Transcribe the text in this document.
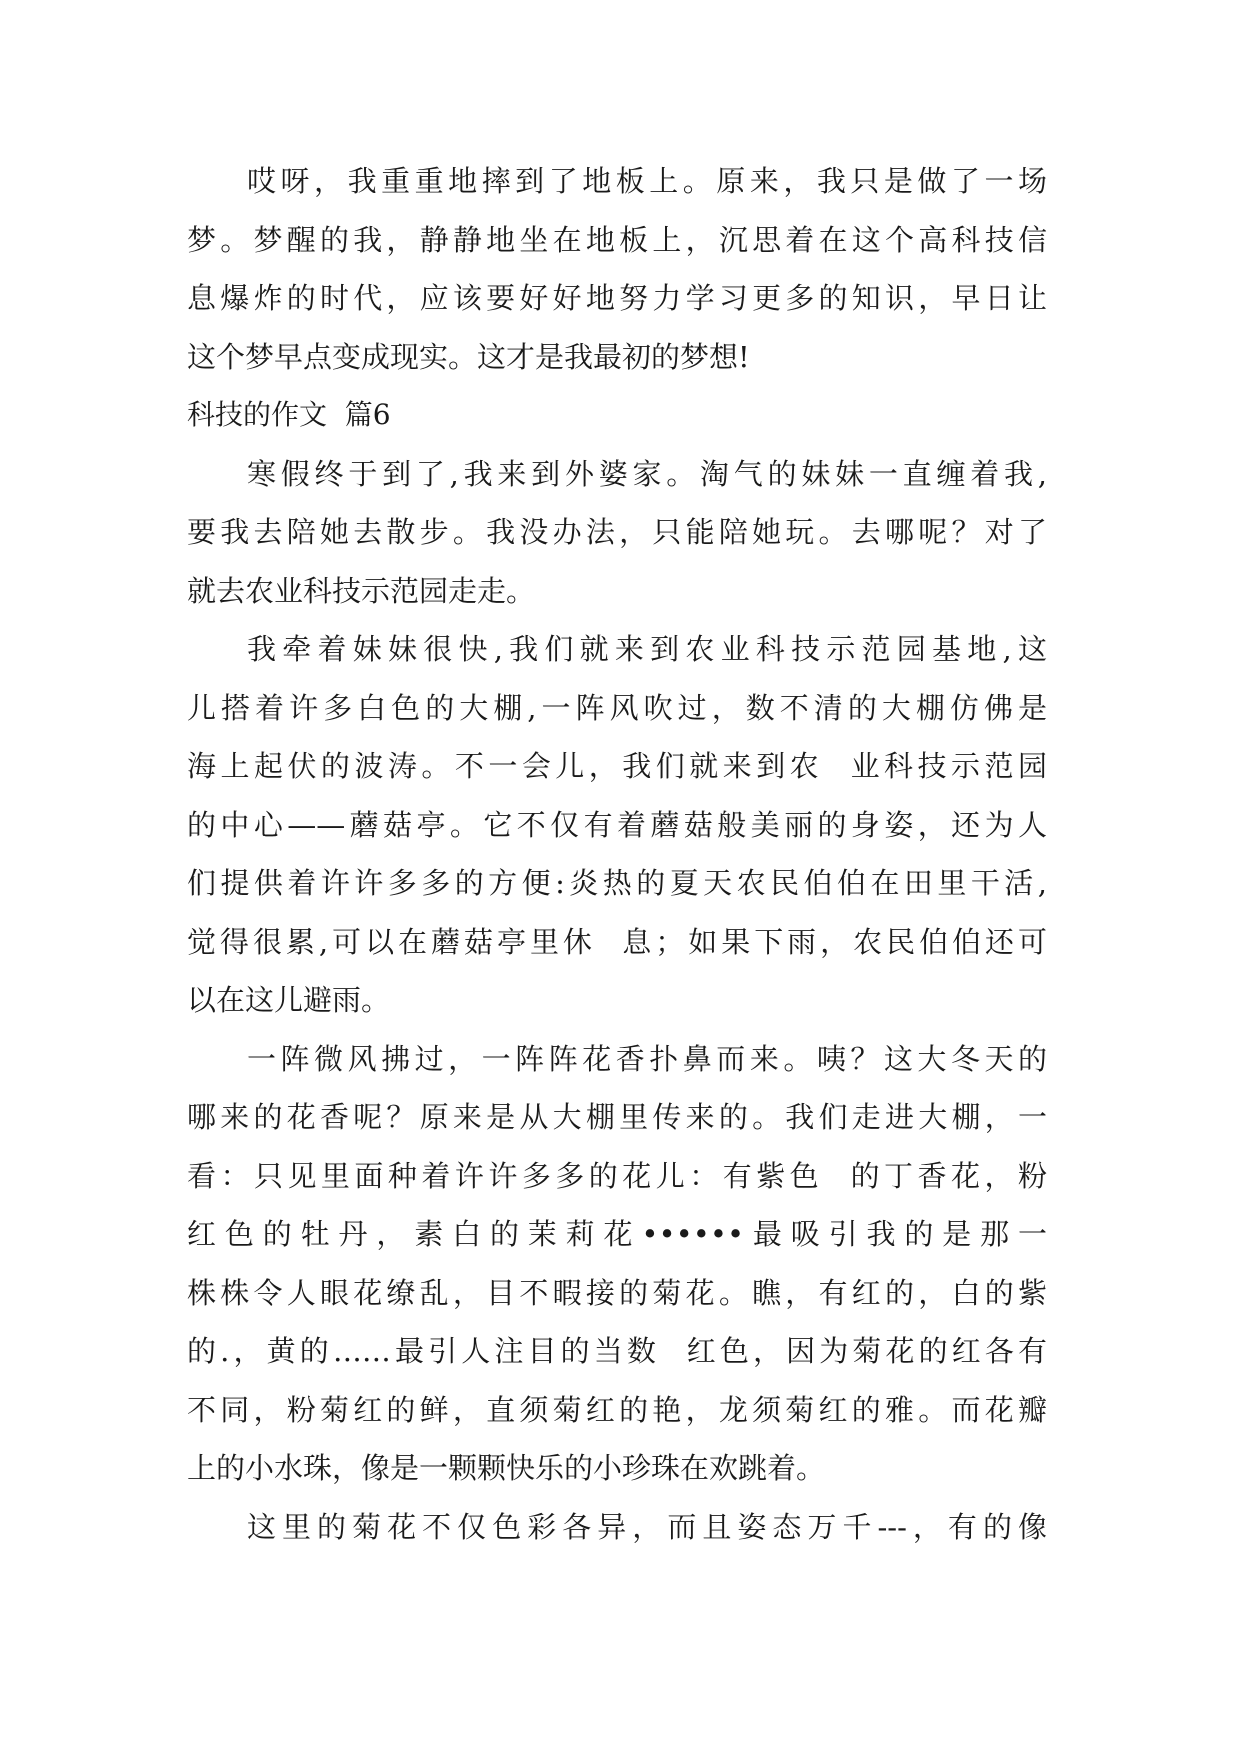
哎呀，我重重地摔到了地板上。原来，我只是做了一场
梦。梦醒的我，静静地坐在地板上，沉思着在这个高科技信
息爆炸的时代，应该要好好地努力学习更多的知识，早日让
这个梦早点变成现实。这才是我最初的梦想!
科技的作文  篇6
寒假终于到了,我来到外婆家。淘气的妹妹一直缠着我,
要我去陪她去散步。我没办法，只能陪她玩。去哪呢？对了
就去农业科技示范园走走。
我牵着妹妹很快,我们就来到农业科技示范园基地,这
儿搭着许多白色的大棚,一阵风吹过，数不清的大棚仿佛是
海上起伏的波涛。不一会儿，我们就来到农  业科技示范园
的中心——蘑菇亭。它不仅有着蘑菇般美丽的身姿，还为人
们提供着许许多多的方便:炎热的夏天农民伯伯在田里干活,
觉得很累,可以在蘑菇亭里休  息；如果下雨，农民伯伯还可
以在这儿避雨。
一阵微风拂过，一阵阵花香扑鼻而来。咦？这大冬天的
哪来的花香呢？原来是从大棚里传来的。我们走进大棚，一
看：只见里面种着许许多多的花儿：有紫色  的丁香花，粉
红色的牡丹，素白的茉莉花••••••最吸引我的是那一
株株令人眼花缭乱，目不暇接的菊花。瞧，有红的，白的紫
的.，黄的……最引人注目的当数  红色，因为菊花的红各有
不同，粉菊红的鲜，直须菊红的艳，龙须菊红的雅。而花瓣
上的小水珠，像是一颗颗快乐的小珍珠在欢跳着。
这里的菊花不仅色彩各异，而且姿态万千---，有的像
